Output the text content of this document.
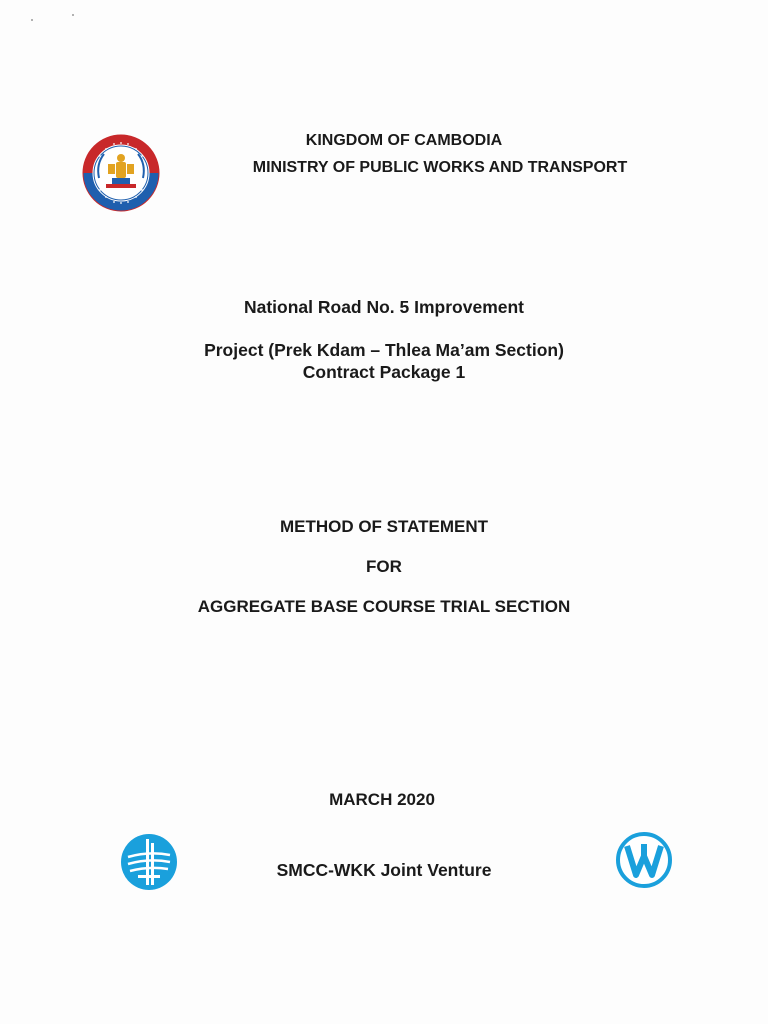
KINGDOM OF CAMBODIA
MINISTRY OF PUBLIC WORKS AND TRANSPORT
National Road No. 5 Improvement
Project (Prek Kdam – Thlea Ma’am Section)
Contract Package 1
METHOD OF STATEMENT
FOR
AGGREGATE BASE COURSE TRIAL SECTION
MARCH 2020
SMCC-WKK Joint Venture
